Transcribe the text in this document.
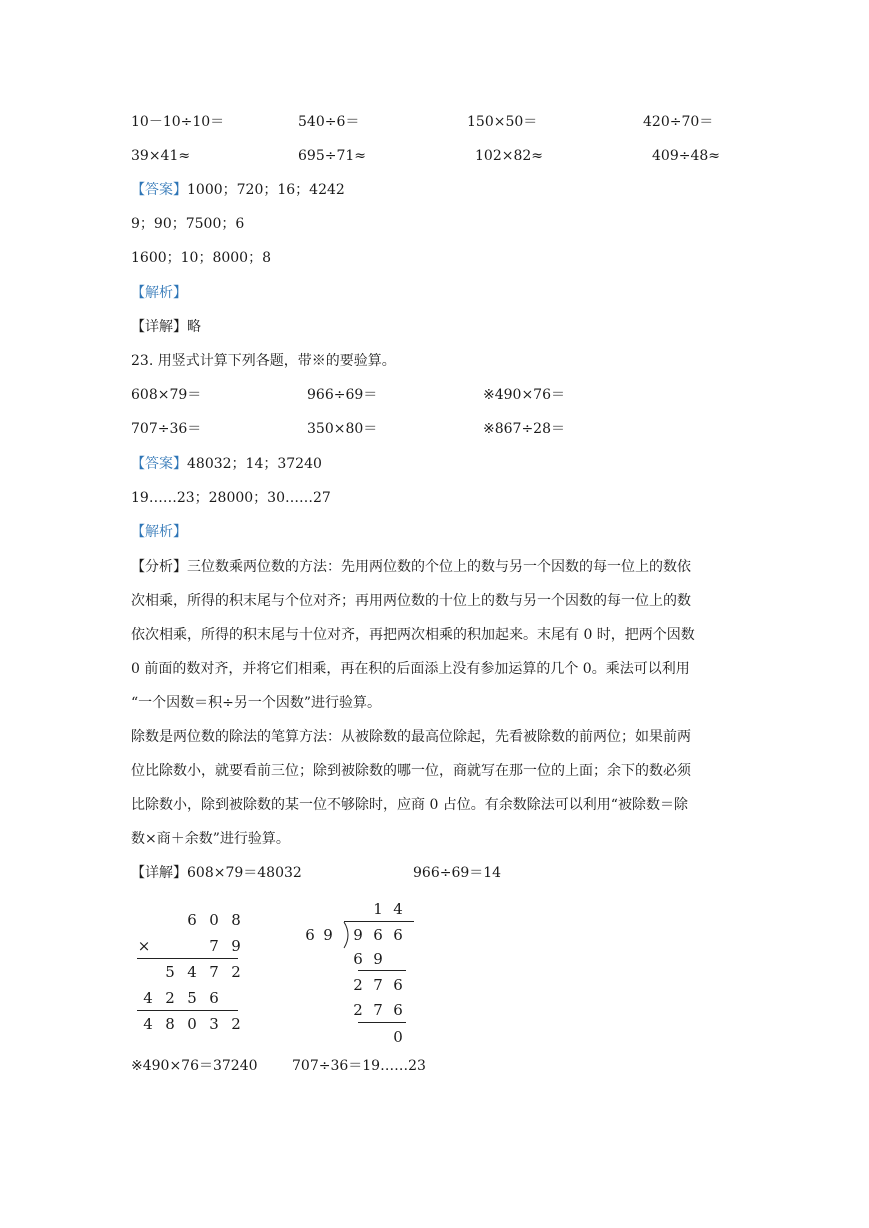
10－10÷10＝	540÷6＝	150×50＝	420÷70＝
39×41≈	695÷71≈	102×82≈	409÷48≈
【答案】1000；720；16；4242
9；90；7500；6
1600；10；8000；8
【解析】
【详解】略
23. 用竖式计算下列各题，带※的要验算。
608×79＝	966÷69＝	※490×76＝
707÷36＝	350×80＝	※867÷28＝
【答案】48032；14；37240
19……23；28000；30……27
【解析】
【分析】三位数乘两位数的方法：先用两位数的个位上的数与另一个因数的每一位上的数依
次相乘，所得的积末尾与个位对齐；再用两位数的十位上的数与另一个因数的每一位上的数
依次相乘，所得的积末尾与十位对齐，再把两次相乘的积加起来。末尾有 0 时，把两个因数
0 前面的数对齐，并将它们相乘，再在积的后面添上没有参加运算的几个 0。乘法可以利用
“一个因数＝积÷另一个因数”进行验算。
除数是两位数的除法的笔算方法：从被除数的最高位除起，先看被除数的前两位；如果前两
位比除数小，就要看前三位；除到被除数的哪一位，商就写在那一位的上面；余下的数必须
比除数小，除到被除数的某一位不够除时，应商 0 占位。有余数除法可以利用“被除数＝除
数×商＋余数”进行验算。
【详解】608×79＝48032	966÷69＝14
6 0 8
×	7 9
5 4 7 2
4 2 5 6
4 8 0 3 2
1 4
6 9	9 6 6
6 9
2 7 6
2 7 6
0
※490×76＝37240 707÷36＝19……23
